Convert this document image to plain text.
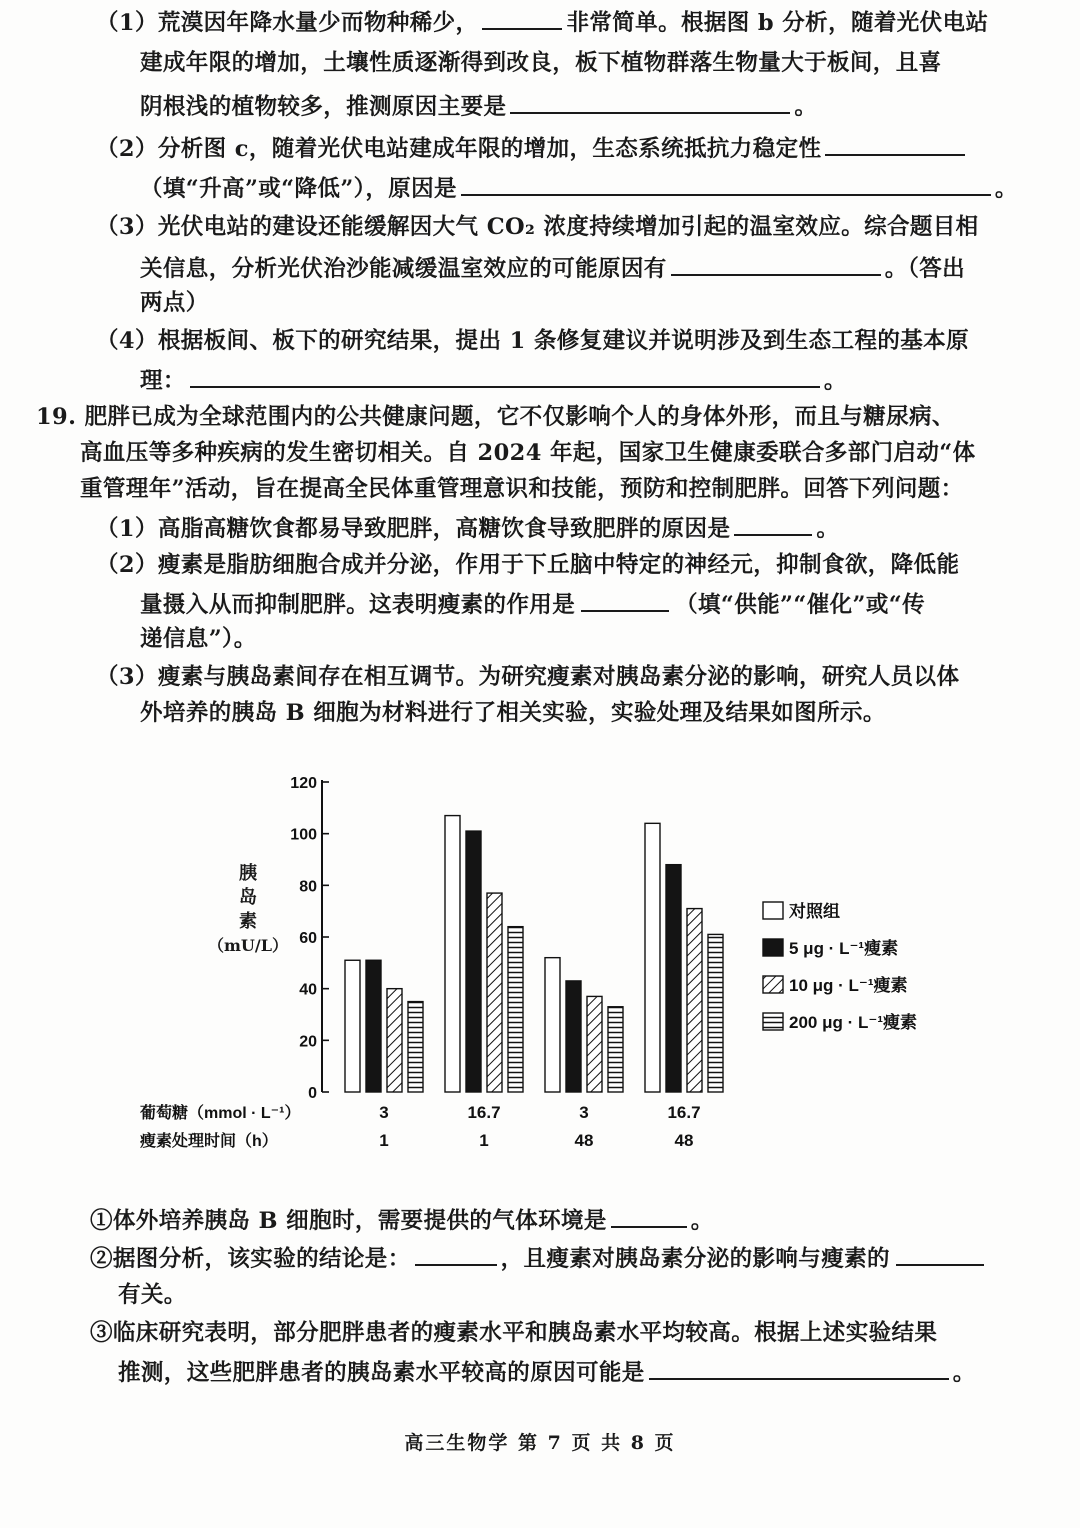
（1）荒漠因年降水量少而物种稀少，	非常简单。根据图 b 分析，随着光伏电站
建成年限的增加，土壤性质逐渐得到改良，板下植物群落生物量大于板间，且喜
阴根浅的植物较多，推测原因主要是	。
（2）分析图 c，随着光伏电站建成年限的增加，生态系统抵抗力稳定性
（填“升高”或“降低”），原因是	。
（3）光伏电站的建设还能缓解因大气 CO₂ 浓度持续增加引起的温室效应。综合题目相
关信息，分析光伏治沙能减缓温室效应的可能原因有	。（答出
两点）
（4）根据板间、板下的研究结果，提出 1 条修复建议并说明涉及到生态工程的基本原
理：	。
19. 肥胖已成为全球范围内的公共健康问题，它不仅影响个人的身体外形，而且与糖尿病、
高血压等多种疾病的发生密切相关。自 2024 年起，国家卫生健康委联合多部门启动“体
重管理年”活动，旨在提高全民体重管理意识和技能，预防和控制肥胖。回答下列问题：
（1）高脂高糖饮食都易导致肥胖，高糖饮食导致肥胖的原因是	。
（2）瘦素是脂肪细胞合成并分泌，作用于下丘脑中特定的神经元，抑制食欲，降低能
量摄入从而抑制肥胖。这表明瘦素的作用是	（填“供能”“催化”或“传
递信息”）。
（3）瘦素与胰岛素间存在相互调节。为研究瘦素对胰岛素分泌的影响，研究人员以体
外培养的胰岛 B 细胞为材料进行了相关实验，实验处理及结果如图所示。
胰
岛
素
（mU/L）
0
20
40
60
80
100
120
葡萄糖（mmol · L⁻¹）
瘦素处理时间（h）
3
1
16.7
1
3
48
16.7
48
对照组
5 μg · L⁻¹瘦素
10 μg · L⁻¹瘦素
200 μg · L⁻¹瘦素
①体外培养胰岛 B 细胞时，需要提供的气体环境是	。
②据图分析，该实验的结论是：	，且瘦素对胰岛素分泌的影响与瘦素的
有关。
③临床研究表明，部分肥胖患者的瘦素水平和胰岛素水平均较高。根据上述实验结果
推测，这些肥胖患者的胰岛素水平较高的原因可能是	。
高三生物学 第 7 页 共 8 页
